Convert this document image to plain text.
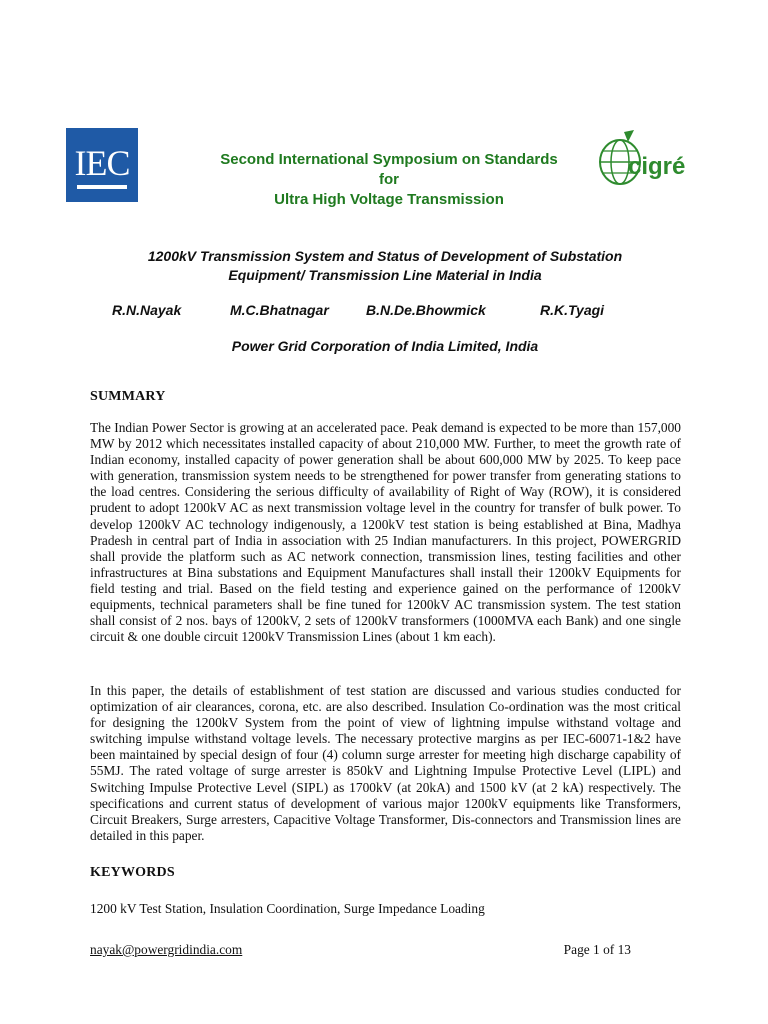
IEC	cigré
Second International Symposium on Standards
for
Ultra High Voltage Transmission
1200kV Transmission System and Status of Development of Substation
Equipment/ Transmission Line Material in India
R.N.Nayak	M.C.Bhatnagar	B.N.De.Bhowmick	R.K.Tyagi
Power Grid Corporation of India Limited, India
SUMMARY
The Indian Power Sector is growing at an accelerated pace. Peak demand is expected to be more than 157,000 MW by 2012 which necessitates installed capacity of about 210,000 MW. Further, to meet the growth rate of Indian economy, installed capacity of power generation shall be about 600,000 MW by 2025. To keep pace with generation, transmission system needs to be strengthened for power transfer from generating stations to the load centres. Considering the serious difficulty of availability of Right of Way (ROW), it is considered prudent to adopt 1200kV AC as next transmission voltage level in the country for transfer of bulk power. To develop 1200kV AC technology indigenously, a 1200kV test station is being established at Bina, Madhya Pradesh in central part of India in association with 25 Indian manufacturers. In this project, POWERGRID shall provide the platform such as AC network connection, transmission lines, testing facilities and other infrastructures at Bina substations and Equipment Manufactures shall install their 1200kV Equipments for field testing and trial. Based on the field testing and experience gained on the performance of 1200kV equipments, technical parameters shall be fine tuned for 1200kV AC transmission system. The test station shall consist of 2 nos. bays of 1200kV, 2 sets of 1200kV transformers (1000MVA each Bank) and one single circuit & one double circuit 1200kV Transmission Lines (about 1 km each).
In this paper, the details of establishment of test station are discussed and various studies conducted for optimization of air clearances, corona, etc. are also described. Insulation Co-ordination was the most critical for designing the 1200kV System from the point of view of lightning impulse withstand voltage and switching impulse withstand voltage levels. The necessary protective margins as per IEC-60071-1&2 have been maintained by special design of four (4) column surge arrester for meeting high discharge capability of 55MJ. The rated voltage of surge arrester is 850kV and Lightning Impulse Protective Level (LIPL) and Switching Impulse Protective Level (SIPL) as 1700kV (at 20kA) and 1500 kV (at 2 kA) respectively. The specifications and current status of development of various major 1200kV equipments like Transformers, Circuit Breakers, Surge arresters, Capacitive Voltage Transformer, Dis-connectors and Transmission lines are detailed in this paper.
KEYWORDS
1200 kV Test Station, Insulation Coordination, Surge Impedance Loading
nayak@powergridindia.com	Page 1 of 13
